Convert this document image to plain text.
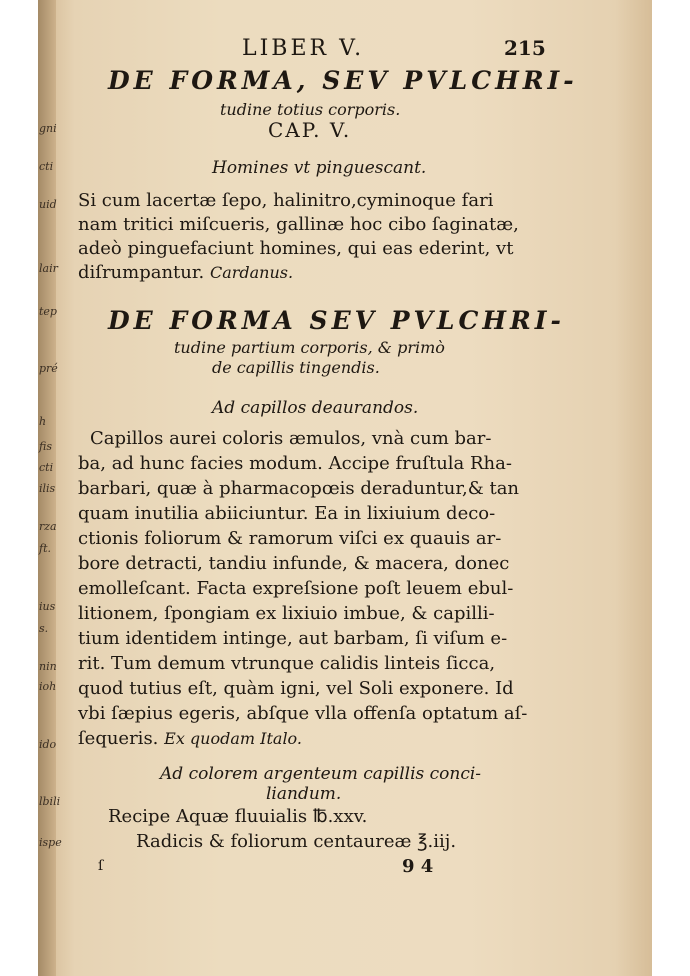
gni
cti
uid
lair
tep
pré
h
fis
cti
ilis
rza
ft.
ius
s.
nin
ioh
ido
lbili
ispe
LIBER V.	215
DE FORMA, SEV PVLCHRI-
tudine totius corporis.
CAP. V.
Homines vt pinguescant.
Si cum lacertæ ſepo, halinitro,cyminoque fari
nam tritici miſcueris, gallinæ hoc cibo ſaginatæ,
adeò pinguefaciunt homines, qui eas ederint, vt
diſrumpantur. Cardanus.
DE FORMA SEV PVLCHRI-
tudine partium corporis, & primò
de capillis tingendis.
Ad capillos deaurandos.
Capillos aurei coloris æmulos, vnà cum bar-
ba, ad hunc facies modum. Accipe fruſtula Rha-
barbari, quæ à pharmacopœis deraduntur,& tan
quam inutilia abiiciuntur. Ea in lixiuium deco-
ctionis foliorum & ramorum viſci ex quauis ar-
bore detracti, tandiu infunde, & macera, donec
emolleſcant. Facta expreſsione poſt leuem ebul-
litionem, ſpongiam ex lixiuio imbue, & capilli-
tium identidem intinge, aut barbam, ſi viſum e-
rit. Tum demum vtrunque calidis linteis ſicca,
quod tutius eſt, quàm igni, vel Soli exponere. Id
vbi ſæpius egeris, abſque vlla offenſa optatum aſ-
ſequeris. Ex quodam Italo.
Ad colorem argenteum capillis conci-
liandum.
Recipe Aquæ fluuialis ℔.xxv.
Radicis & foliorum centaureæ ℥.iij.
ſ	9 4
